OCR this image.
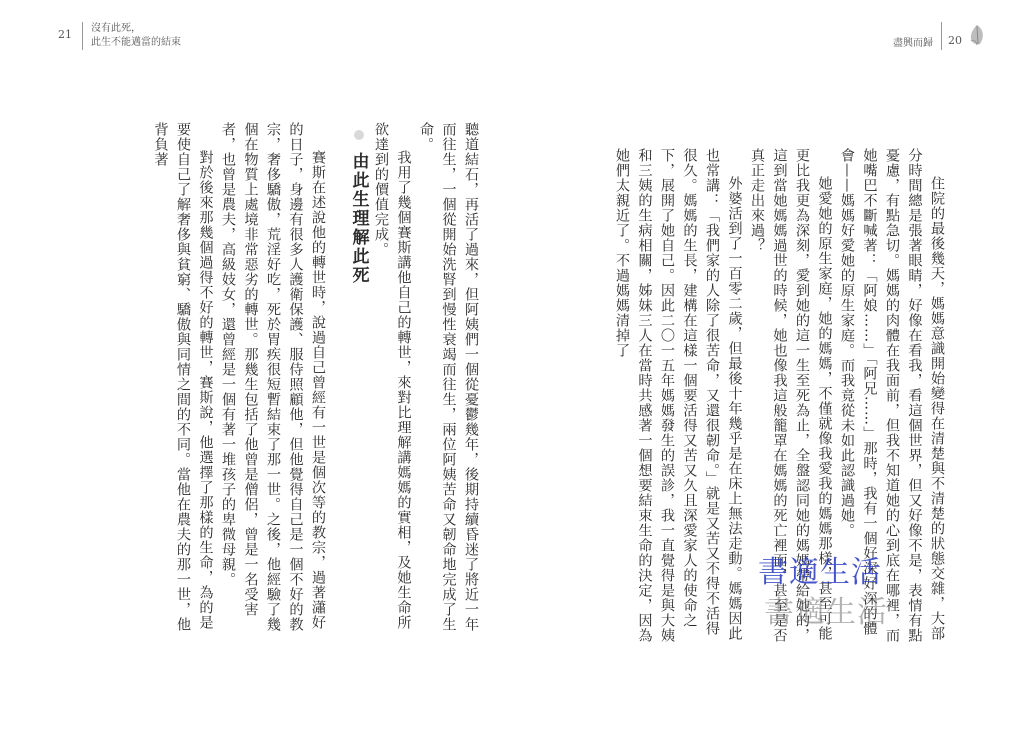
21 沒有此死，
此生不能邁當的結束	盡興而歸 20

住院的最後幾天，媽媽意識開始變得在清楚與不清楚的狀態交雜，大部分時間總是張著眼睛，好像在看我，看這個世界，但又好像不是，表情有點憂慮，有點急切。媽媽的肉體在我面前，但我不知道她的心到底在哪裡，而她嘴巴不斷喊著：「阿娘……」「阿兄……」那時，我有一個好深好深的體會——媽媽好愛她的原生家庭。而我竟從未如此認識過她。

她愛她的原生家庭，她的媽媽，不僅就像我愛我的媽媽那樣，甚至可能更比我更為深刻，愛到她的這一生至死為止，全盤認同她的媽媽帶給她的，這到當她媽媽過世的時候，她也像我這般籠罩在媽媽的死亡裡面，甚至是否真正走出來過？

外婆活到了一百零二歲，但最後十年幾乎是在床上無法走動。媽媽因此也常講：「我們家的人除了很苦命，又還很韌命。」就是又苦又不得不活得很久。媽媽的生長，建構在這樣一個要活得又苦又久且深愛家人的使命之下，展開了她自己。因此二〇一五年媽媽發生的誤診，我一直覺得是與大姨和三姨的生病相關，姊妹三人在當時共感著一個想要結束生命的決定，因為她們太親近了。不過媽媽清掉了

聽道結石，再活了過來，但阿姨們一個從憂鬱幾年，後期持續昏迷了將近一年而往生，一個從開始洗腎到慢性衰竭而往生，兩位阿姨苦命又韌命地完成了生命。

我用了幾個賽斯講他自己的轉世，來對比理解講媽媽的實相，及她生命所欲達到的價值完成。

由此生理解此死

賽斯在述說他的轉世時，說過自己曾經有一世是個次等的教宗，過著瀟好的日子，身邊有很多人護衛保護、服侍照顧他，但他覺得自己是一個不好的教宗，奢侈驕傲，荒淫好吃，死於胃疾很短暫結束了那一世。之後，他經驗了幾個在物質上處境非常惡劣的轉世。那幾生包括了他曾是僧侶，曾是一名受害者，也曾是農夫，高級妓女，還曾經是一個有著一堆孩子的卑微母親。

對於後來那幾個過得不好的轉世，賽斯說，他選擇了那樣的生命，為的是要使自己了解奢侈與貧窮、驕傲與同情之間的不同。當他在農夫的那一世，他背負著

書適生活
書適生活
